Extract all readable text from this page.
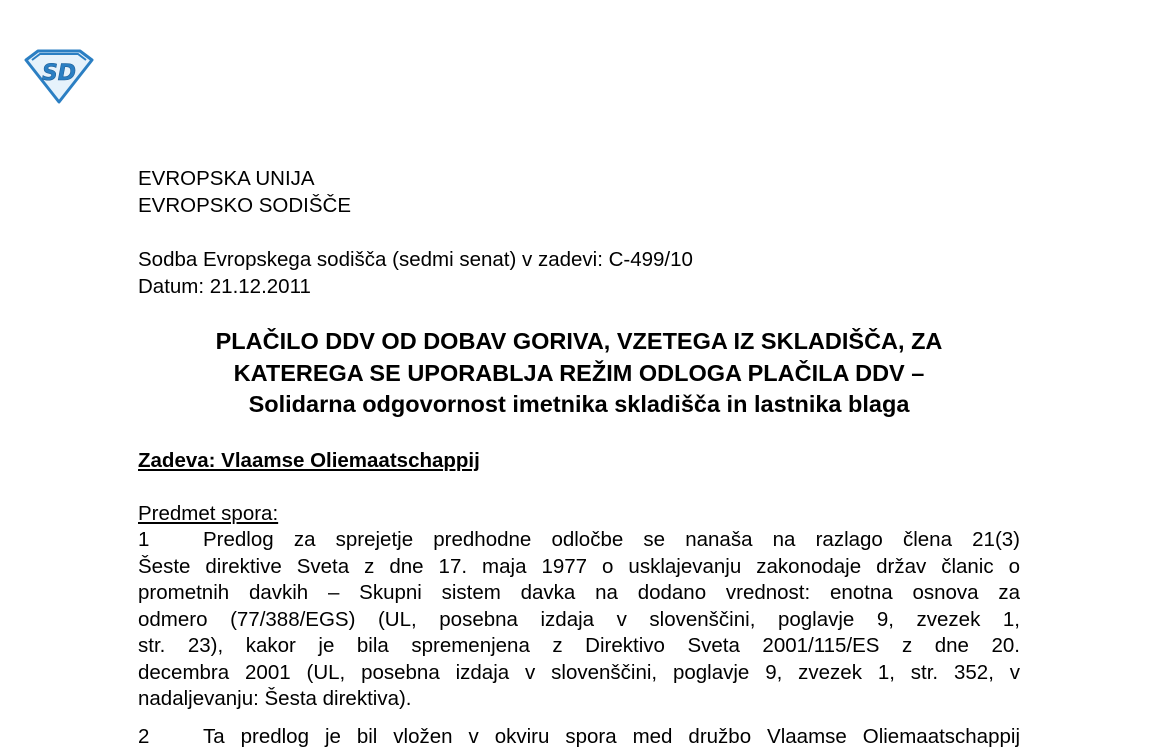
SD
EVROPSKA UNIJA
EVROPSKO SODIŠČE
Sodba Evropskega sodišča (sedmi senat) v zadevi: C-499/10
Datum: 21.12.2011
PLAČILO DDV OD DOBAV GORIVA, VZETEGA IZ SKLADIŠČA, ZA
KATEREGA SE UPORABLJA REŽIM ODLOGA PLAČILA DDV –
Solidarna odgovornost imetnika skladišča in lastnika blaga
Zadeva: Vlaamse Oliemaatschappij
Predmet spora:
1	Predlog za sprejetje predhodne odločbe se nanaša na razlago člena 21(3)
Šeste direktive Sveta z dne 17. maja 1977 o usklajevanju zakonodaje držav članic o
prometnih davkih – Skupni sistem davka na dodano vrednost: enotna osnova za
odmero (77/388/EGS) (UL, posebna izdaja v slovenščini, poglavje 9, zvezek 1,
str. 23), kakor je bila spremenjena z Direktivo Sveta 2001/115/ES z dne 20.
decembra 2001 (UL, posebna izdaja v slovenščini, poglavje 9, zvezek 1, str. 352, v
nadaljevanju: Šesta direktiva).
2	Ta predlog je bil vložen v okviru spora med družbo Vlaamse Oliemaatschappij
